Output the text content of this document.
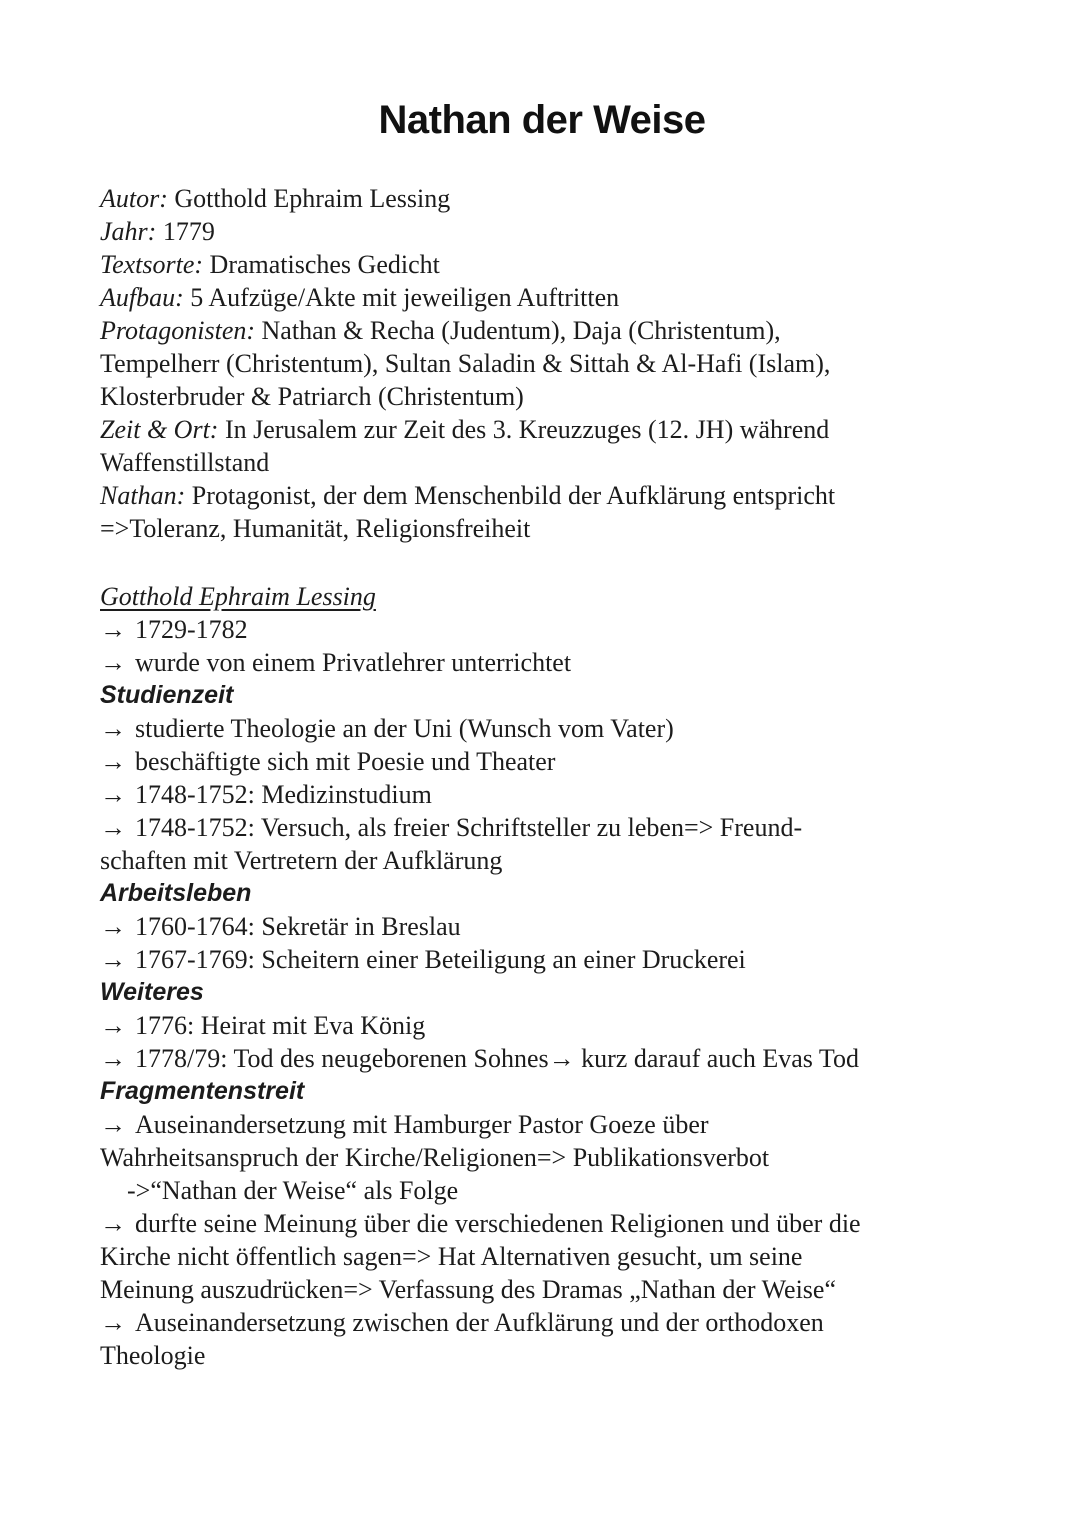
Nathan der Weise

Autor: Gotthold Ephraim Lessing

Jahr: 1779

Textsorte: Dramatisches Gedicht

Aufbau: 5 Aufzüge/Akte mit jeweiligen Auftritten

Protagonisten: Nathan & Recha (Judentum), Daja (Christentum),

Tempelherr (Christentum), Sultan Saladin & Sittah & Al-Hafi (Islam),

Klosterbruder & Patriarch (Christentum)

Zeit & Ort: In Jerusalem zur Zeit des 3. Kreuzzuges (12. JH) während

Waffenstillstand

Nathan: Protagonist, der dem Menschenbild der Aufklärung entspricht

=>Toleranz, Humanität, Religionsfreiheit

Gotthold Ephraim Lessing

→ 1729-1782

→ wurde von einem Privatlehrer unterrichtet

Studienzeit

→ studierte Theologie an der Uni (Wunsch vom Vater)

→ beschäftigte sich mit Poesie und Theater

→ 1748-1752: Medizinstudium

→ 1748-1752: Versuch, als freier Schriftsteller zu leben=> Freund-

schaften mit Vertretern der Aufklärung

Arbeitsleben

→ 1760-1764: Sekretär in Breslau

→ 1767-1769: Scheitern einer Beteiligung an einer Druckerei

Weiteres

→ 1776: Heirat mit Eva König

→ 1778/79: Tod des neugeborenen Sohnes→ kurz darauf auch Evas Tod

Fragmentenstreit

→ Auseinandersetzung mit Hamburger Pastor Goeze über

Wahrheitsanspruch der Kirche/Religionen=> Publikationsverbot

->“Nathan der Weise“ als Folge

→ durfte seine Meinung über die verschiedenen Religionen und über die

Kirche nicht öffentlich sagen=> Hat Alternativen gesucht, um seine

Meinung auszudrücken=> Verfassung des Dramas „Nathan der Weise“

→ Auseinandersetzung zwischen der Aufklärung und der orthodoxen

Theologie
